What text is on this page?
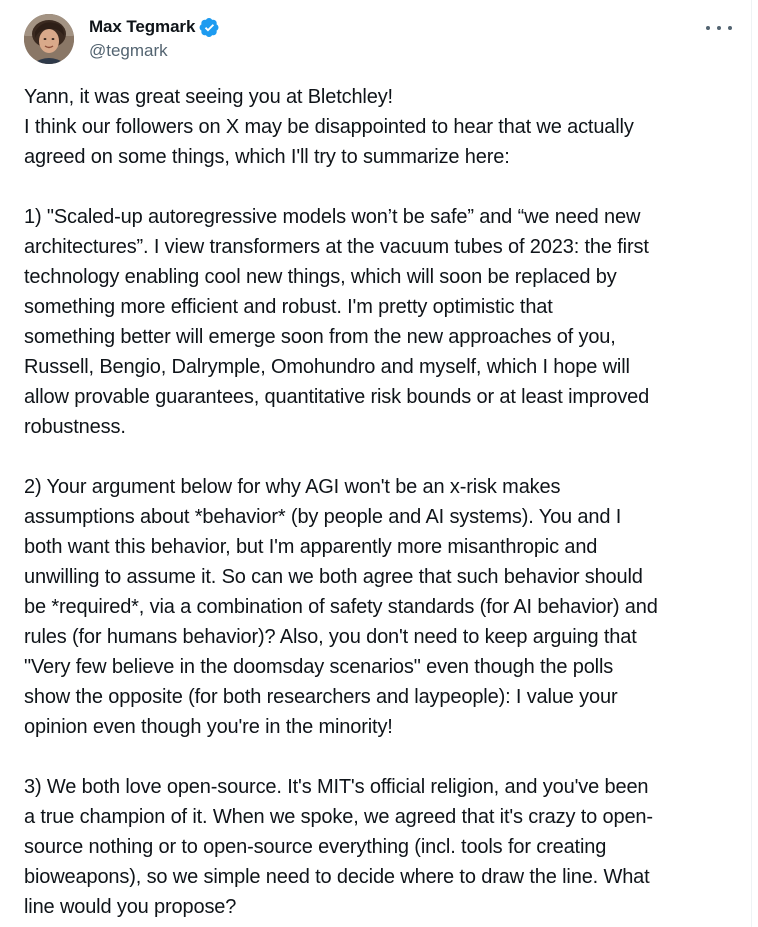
Max Tegmark
@tegmark
Yann, it was great seeing you at Bletchley!
I think our followers on X may be disappointed to hear that we actually
agreed on some things, which I'll try to summarize here:
1) "Scaled-up autoregressive models won’t be safe” and “we need new
architectures”. I view transformers at the vacuum tubes of 2023: the first
technology enabling cool new things, which will soon be replaced by
something more efficient and robust. I'm pretty optimistic that
something better will emerge soon from the new approaches of you,
Russell, Bengio, Dalrymple, Omohundro and myself, which I hope will
allow provable guarantees, quantitative risk bounds or at least improved
robustness.
2) Your argument below for why AGI won't be an x-risk makes
assumptions about *behavior* (by people and AI systems). You and I
both want this behavior, but I'm apparently more misanthropic and
unwilling to assume it. So can we both agree that such behavior should
be *required*, via a combination of safety standards (for AI behavior) and
rules (for humans behavior)? Also, you don't need to keep arguing that
"Very few believe in the doomsday scenarios" even though the polls
show the opposite (for both researchers and laypeople): I value your
opinion even though you're in the minority!
3) We both love open-source. It's MIT's official religion, and you've been
a true champion of it. When we spoke, we agreed that it's crazy to open-
source nothing or to open-source everything (incl. tools for creating
bioweapons), so we simple need to decide where to draw the line. What
line would you propose?
